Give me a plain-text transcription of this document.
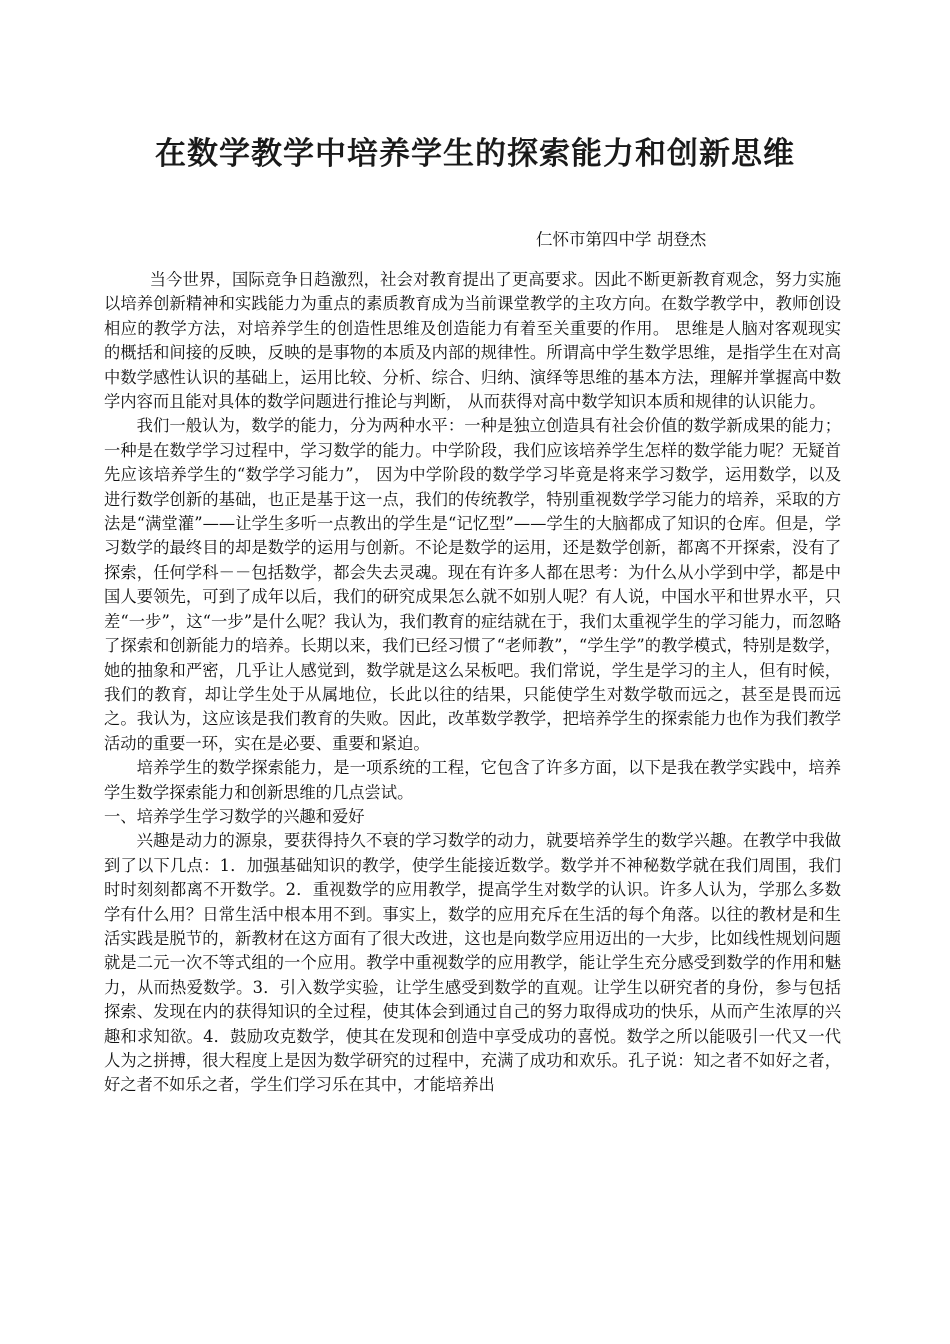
在数学教学中培养学生的探索能力和创新思维

仁怀市第四中学 胡登杰

当今世界，国际竞争日趋激烈，社会对教育提出了更高要求。因此不断更新教育观念，努力实施以培养创新精神和实践能力为重点的素质教育成为当前课堂教学的主攻方向。在数学教学中，教师创设相应的教学方法，对培养学生的创造性思维及创造能力有着至关重要的作用。 思维是人脑对客观现实的概括和间接的反映，反映的是事物的本质及内部的规律性。所谓高中学生数学思维，是指学生在对高中数学感性认识的基础上，运用比较、分析、综合、归纳、演绎等思维的基本方法，理解并掌握高中数学内容而且能对具体的数学问题进行推论与判断， 从而获得对高中数学知识本质和规律的认识能力。

我们一般认为，数学的能力，分为两种水平：一种是独立创造具有社会价值的数学新成果的能力；一种是在数学学习过程中，学习数学的能力。中学阶段，我们应该培养学生怎样的数学能力呢？无疑首先应该培养学生的“数学学习能力”， 因为中学阶段的数学学习毕竟是将来学习数学，运用数学，以及进行数学创新的基础，也正是基于这一点，我们的传统教学，特别重视数学学习能力的培养，采取的方法是“满堂灌”——让学生多听一点教出的学生是“记忆型”——学生的大脑都成了知识的仓库。但是，学习数学的最终目的却是数学的运用与创新。不论是数学的运用，还是数学创新，都离不开探索，没有了探索，任何学科－－包括数学，都会失去灵魂。现在有许多人都在思考：为什么从小学到中学，都是中国人要领先，可到了成年以后，我们的研究成果怎么就不如别人呢？有人说，中国水平和世界水平，只差“一步”，这“一步”是什么呢？我认为，我们教育的症结就在于，我们太重视学生的学习能力，而忽略了探索和创新能力的培养。长期以来，我们已经习惯了“老师教”，“学生学”的教学模式，特别是数学，她的抽象和严密，几乎让人感觉到，数学就是这么呆板吧。我们常说，学生是学习的主人，但有时候，我们的教育，却让学生处于从属地位，长此以往的结果，只能使学生对数学敬而远之，甚至是畏而远之。我认为，这应该是我们教育的失败。因此，改革数学教学，把培养学生的探索能力也作为我们教学活动的重要一环，实在是必要、重要和紧迫。

培养学生的数学探索能力，是一项系统的工程，它包含了许多方面，以下是我在教学实践中，培养学生数学探索能力和创新思维的几点尝试。

一、培养学生学习数学的兴趣和爱好

兴趣是动力的源泉，要获得持久不衰的学习数学的动力，就要培养学生的数学兴趣。在教学中我做到了以下几点：1．加强基础知识的教学，使学生能接近数学。数学并不神秘数学就在我们周围，我们时时刻刻都离不开数学。2．重视数学的应用教学，提高学生对数学的认识。许多人认为，学那么多数学有什么用？日常生活中根本用不到。事实上，数学的应用充斥在生活的每个角落。以往的教材是和生活实践是脱节的，新教材在这方面有了很大改进，这也是向数学应用迈出的一大步，比如线性规划问题就是二元一次不等式组的一个应用。教学中重视数学的应用教学，能让学生充分感受到数学的作用和魅力，从而热爱数学。3．引入数学实验，让学生感受到数学的直观。让学生以研究者的身份，参与包括探索、发现在内的获得知识的全过程，使其体会到通过自己的努力取得成功的快乐，从而产生浓厚的兴趣和求知欲。4．鼓励攻克数学，使其在发现和创造中享受成功的喜悦。数学之所以能吸引一代又一代人为之拼搏，很大程度上是因为数学研究的过程中，充满了成功和欢乐。孔子说：知之者不如好之者，好之者不如乐之者，学生们学习乐在其中，才能培养出
